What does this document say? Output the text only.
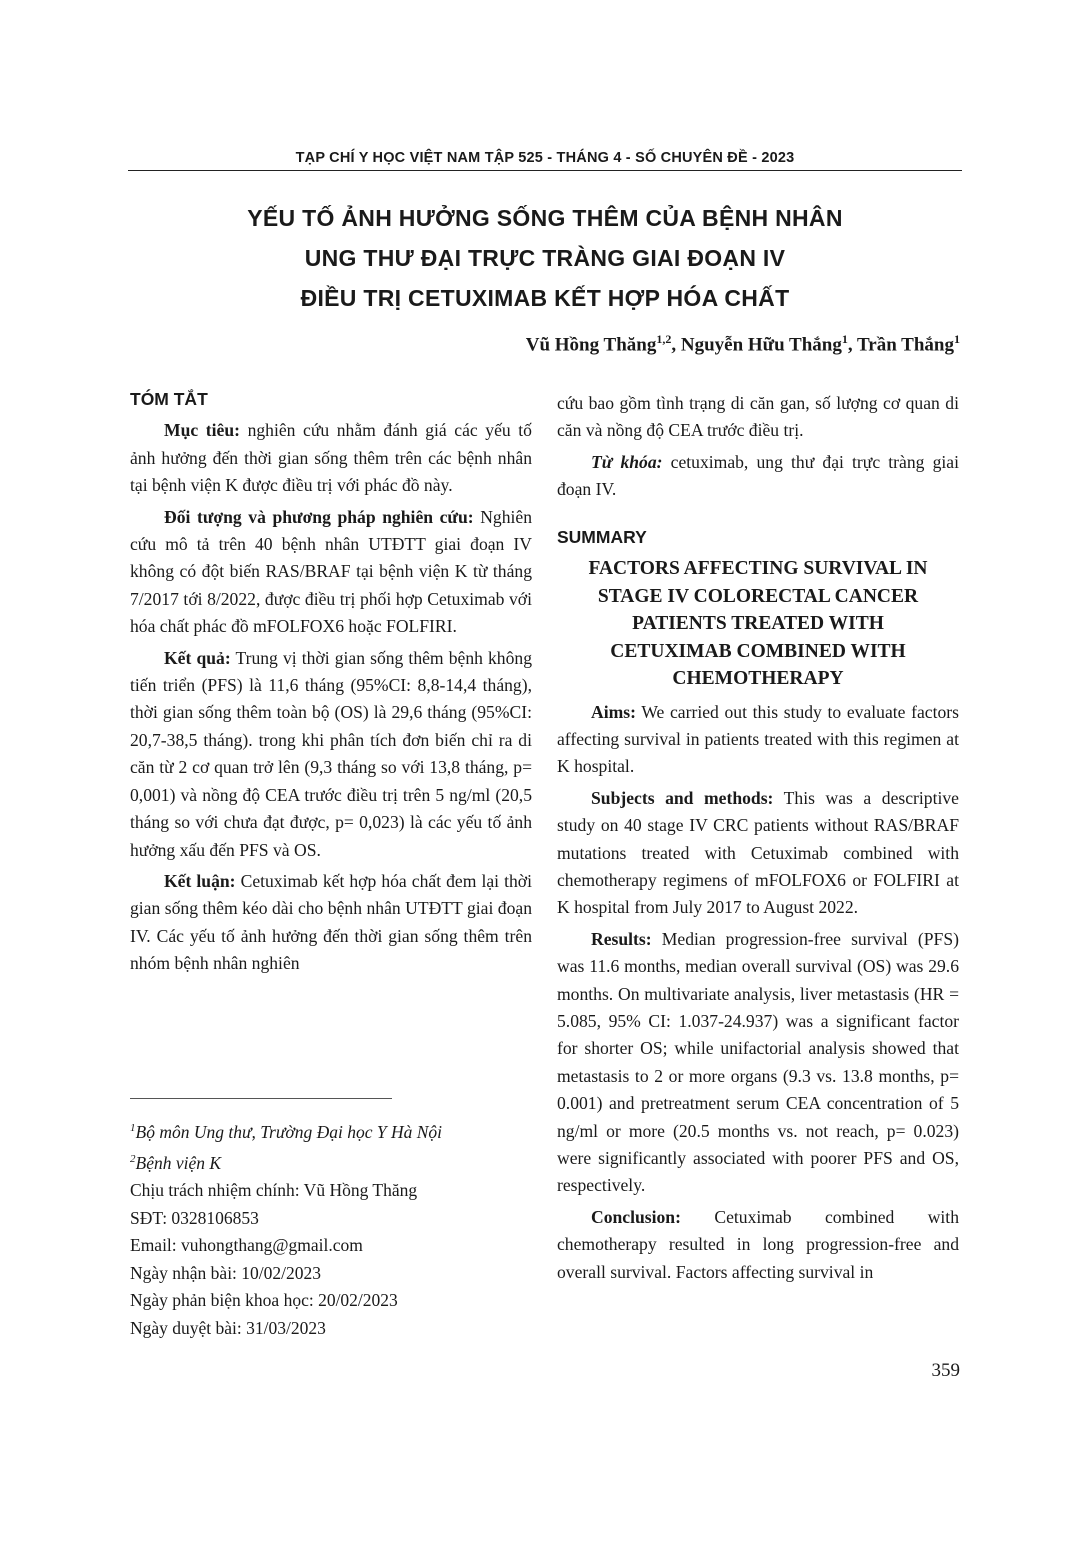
TẠP CHÍ Y HỌC VIỆT NAM TẬP 525 - THÁNG 4 - SỐ CHUYÊN ĐỀ - 2023
YẾU TỐ ẢNH HƯỞNG SỐNG THÊM CỦA BỆNH NHÂN
UNG THƯ ĐẠI TRỰC TRÀNG GIAI ĐOẠN IV
ĐIỀU TRỊ CETUXIMAB KẾT HỢP HÓA CHẤT
Vũ Hồng Thăng$^{1,2}$, Nguyễn Hữu Thắng$^1$, Trần Thắng$^1$

TÓM TẮT

Mục tiêu: nghiên cứu nhằm đánh giá các yếu tố ảnh hưởng đến thời gian sống thêm trên các bệnh nhân tại bệnh viện K được điều trị với phác đồ này.

Đối tượng và phương pháp nghiên cứu: Nghiên cứu mô tả trên 40 bệnh nhân UTĐTT giai đoạn IV không có đột biến RAS/BRAF tại bệnh viện K từ tháng 7/2017 tới 8/2022, được điều trị phối hợp Cetuximab với hóa chất phác đồ mFOLFOX6 hoặc FOLFIRI.

Kết quả: Trung vị thời gian sống thêm bệnh không tiến triển (PFS) là 11,6 tháng (95%CI: 8,8-14,4 tháng), thời gian sống thêm toàn bộ (OS) là 29,6 tháng (95%CI: 20,7-38,5 tháng). trong khi phân tích đơn biến chỉ ra di căn từ 2 cơ quan trở lên (9,3 tháng so với 13,8 tháng, p= 0,001) và nồng độ CEA trước điều trị trên 5 ng/ml (20,5 tháng so với chưa đạt được, p= 0,023) là các yếu tố ảnh hưởng xấu đến PFS và OS.

Kết luận: Cetuximab kết hợp hóa chất đem lại thời gian sống thêm kéo dài cho bệnh nhân UTĐTT giai đoạn IV. Các yếu tố ảnh hưởng đến thời gian sống thêm trên nhóm bệnh nhân nghiên

$^1$Bộ môn Ung thư, Trường Đại học Y Hà Nội
$^2$Bệnh viện K
Chịu trách nhiệm chính: Vũ Hồng Thăng
SĐT: 0328106853
Email: vuhongthang@gmail.com
Ngày nhận bài: 10/02/2023
Ngày phản biện khoa học: 20/02/2023
Ngày duyệt bài: 31/03/2023

cứu bao gồm tình trạng di căn gan, số lượng cơ quan di căn và nồng độ CEA trước điều trị.

Từ khóa: cetuximab, ung thư đại trực tràng giai đoạn IV.

SUMMARY

FACTORS AFFECTING SURVIVAL IN
STAGE IV COLORECTAL CANCER
PATIENTS TREATED WITH
CETUXIMAB COMBINED WITH
CHEMOTHERAPY

Aims: We carried out this study to evaluate factors affecting survival in patients treated with this regimen at K hospital.

Subjects and methods: This was a descriptive study on 40 stage IV CRC patients without RAS/BRAF mutations treated with Cetuximab combined with chemotherapy regimens of mFOLFOX6 or FOLFIRI at K hospital from July 2017 to August 2022.

Results: Median progression-free survival (PFS) was 11.6 months, median overall survival (OS) was 29.6 months. On multivariate analysis, liver metastasis (HR = 5.085, 95% CI: 1.037-24.937) was a significant factor for shorter OS; while unifactorial analysis showed that metastasis to 2 or more organs (9.3 vs. 13.8 months, p= 0.001) and pretreatment serum CEA concentration of 5 ng/ml or more (20.5 months vs. not reach, p= 0.023) were significantly associated with poorer PFS and OS, respectively.

Conclusion: Cetuximab combined with chemotherapy resulted in long progression-free and overall survival. Factors affecting survival in

359
